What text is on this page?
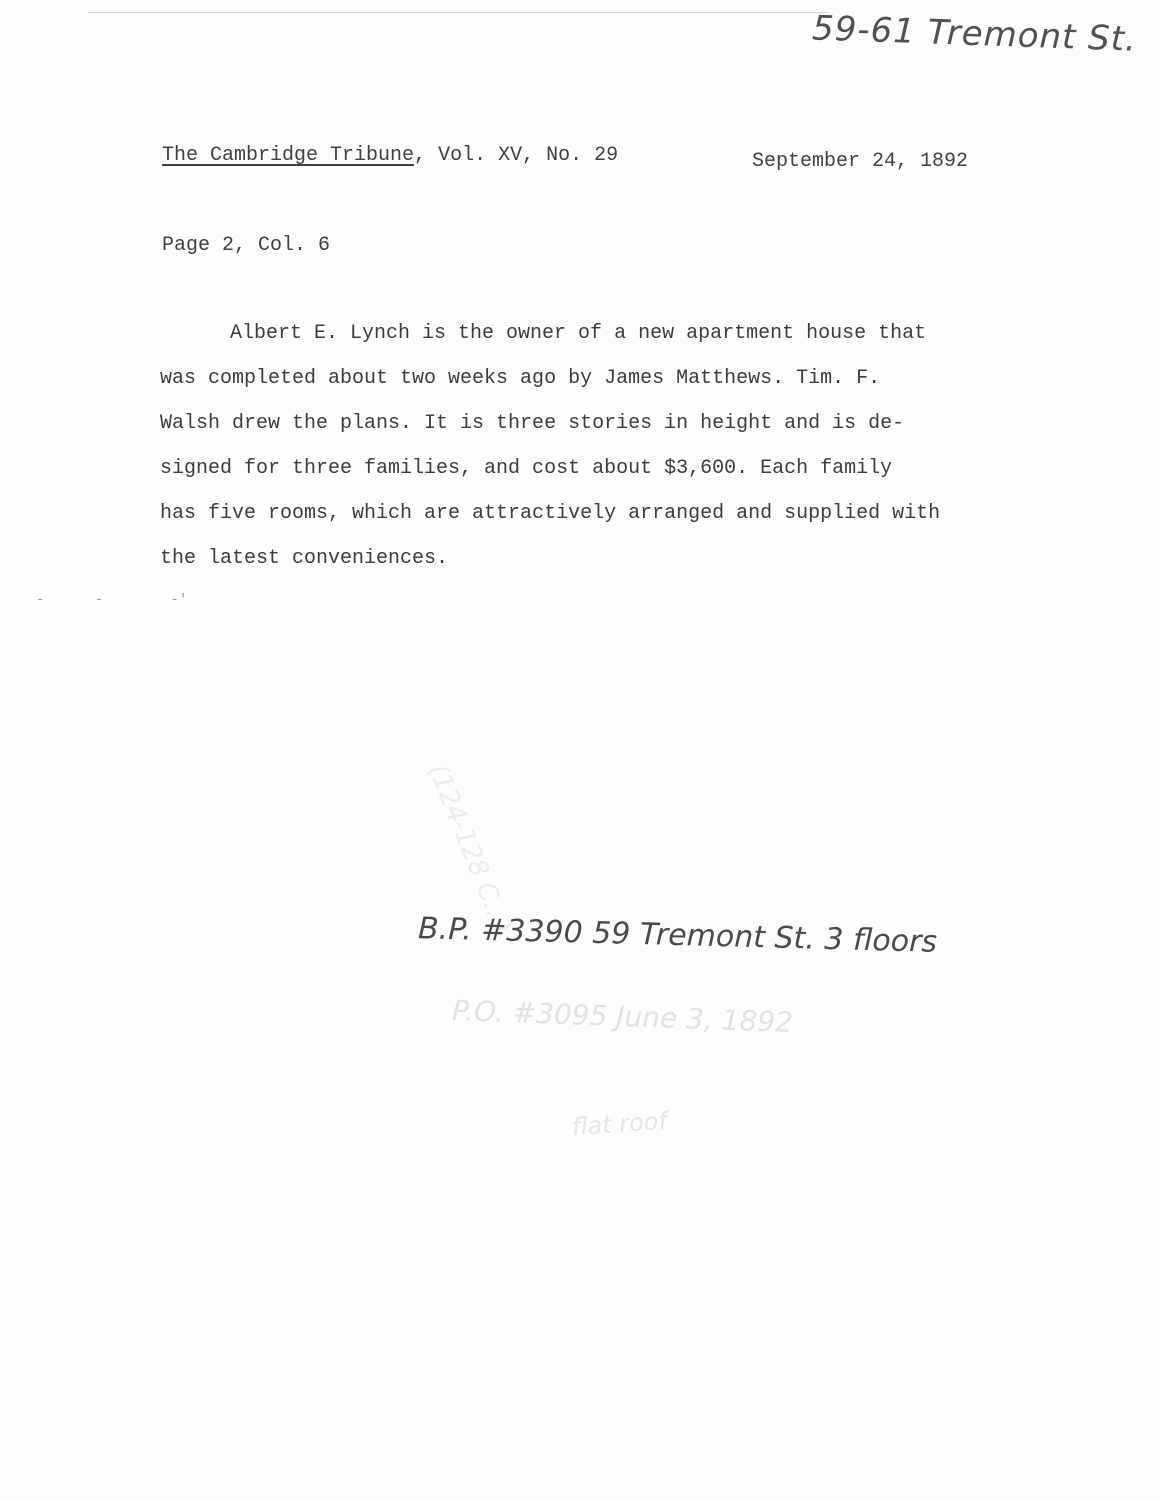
59-61 Tremont St.
The Cambridge Tribune, Vol. XV, No. 29	September 24, 1892
Page 2, Col. 6
Albert E. Lynch is the owner of a new apartment house that
was completed about two weeks ago by James Matthews. Tim. F.
Walsh drew the plans. It is three stories in height and is de-
signed for three families, and cost about $3,600. Each family
has five rooms, which are attractively arranged and supplied with
the latest conveniences.
-      -        -'
(124-128 C...)
B.P. #3390 59 Tremont St. 3 floors
P.O. #3095 June 3, 1892
flat roof
